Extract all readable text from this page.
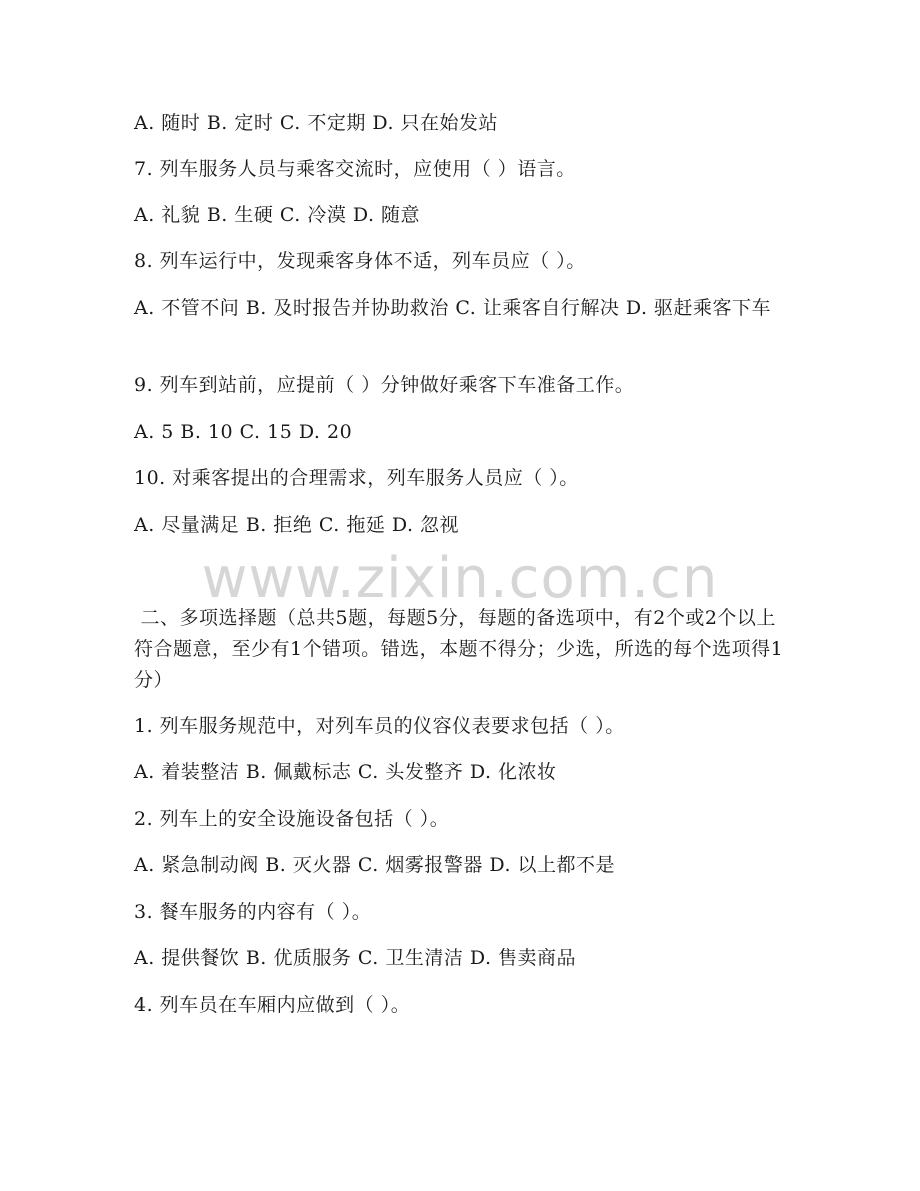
A. 随时 B. 定时 C. 不定期 D. 只在始发站
7. 列车服务人员与乘客交流时，应使用（ ）语言。
A. 礼貌 B. 生硬 C. 冷漠 D. 随意
8. 列车运行中，发现乘客身体不适，列车员应（ ）。
A. 不管不问 B. 及时报告并协助救治 C. 让乘客自行解决 D. 驱赶乘客下车
9. 列车到站前，应提前（ ）分钟做好乘客下车准备工作。
A. 5 B. 10 C. 15 D. 20
10. 对乘客提出的合理需求，列车服务人员应（ ）。
A. 尽量满足 B. 拒绝 C. 拖延 D. 忽视
www.zixin.com.cn
二、多项选择题（总共5题，每题5分，每题的备选项中，有2个或2个以上符合题意，至少有1个错项。错选，本题不得分；少选，所选的每个选项得1分）
1. 列车服务规范中，对列车员的仪容仪表要求包括（ ）。
A. 着装整洁 B. 佩戴标志 C. 头发整齐 D. 化浓妆
2. 列车上的安全设施设备包括（ ）。
A. 紧急制动阀 B. 灭火器 C. 烟雾报警器 D. 以上都不是
3. 餐车服务的内容有（ ）。
A. 提供餐饮 B. 优质服务 C. 卫生清洁 D. 售卖商品
4. 列车员在车厢内应做到（ ）。
